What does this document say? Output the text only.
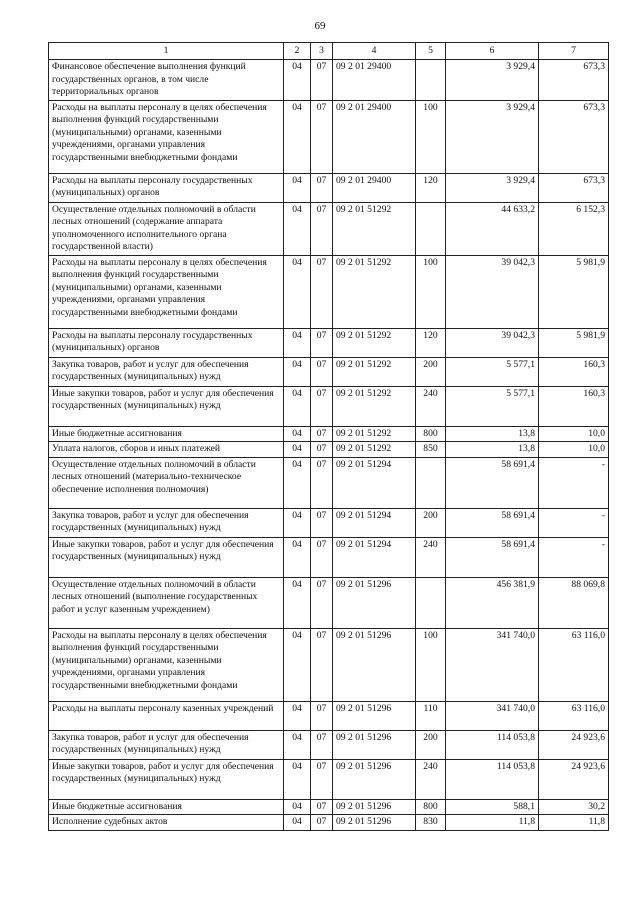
69
1	2	3	4	5	6	7
Финансовое обеспечение выполнения функций государственных органов, в том числе территориальных органов	04	07	09 2 01 29400		3 929,4	673,3
Расходы на выплаты персоналу в целях обеспечения выполнения функций государственными (муниципальными) органами, казенными учреждениями, органами управления государственными внебюджетными фондами	04	07	09 2 01 29400	100	3 929,4	673,3
Расходы на выплаты персоналу государственных (муниципальных) органов	04	07	09 2 01 29400	120	3 929,4	673,3
Осуществление отдельных полномочий в области лесных отношений (содержание аппарата уполномоченного исполнительного органа государственной власти)	04	07	09 2 01 51292		44 633,2	6 152,3
Расходы на выплаты персоналу в целях обеспечения выполнения функций государственными (муниципальными) органами, казенными учреждениями, органами управления государственными внебюджетными фондами	04	07	09 2 01 51292	100	39 042,3	5 981,9
Расходы на выплаты персоналу государственных (муниципальных) органов	04	07	09 2 01 51292	120	39 042,3	5 981,9
Закупка товаров, работ и услуг для обеспечения государственных (муниципальных) нужд	04	07	09 2 01 51292	200	5 577,1	160,3
Иные закупки товаров, работ и услуг для обеспечения государственных (муниципальных) нужд	04	07	09 2 01 51292	240	5 577,1	160,3
Иные бюджетные ассигнования	04	07	09 2 01 51292	800	13,8	10,0
Уплата налогов, сборов и иных платежей	04	07	09 2 01 51292	850	13,8	10,0
Осуществление отдельных полномочий в области лесных отношений (материально-техническое обеспечение исполнения полномочия)	04	07	09 2 01 51294		58 691,4	-
Закупка товаров, работ и услуг для обеспечения государственных (муниципальных) нужд	04	07	09 2 01 51294	200	58 691,4	-
Иные закупки товаров, работ и услуг для обеспечения государственных (муниципальных) нужд	04	07	09 2 01 51294	240	58 691,4	-
Осуществление отдельных полномочий в области лесных отношений (выполнение государственных работ и услуг казенным учреждением)	04	07	09 2 01 51296		456 381,9	88 069,8
Расходы на выплаты персоналу в целях обеспечения выполнения функций государственными (муниципальными) органами, казенными учреждениями, органами управления государственными внебюджетными фондами	04	07	09 2 01 51296	100	341 740,0	63 116,0
Расходы на выплаты персоналу казенных учреждений	04	07	09 2 01 51296	110	341 740,0	63 116,0
Закупка товаров, работ и услуг для обеспечения государственных (муниципальных) нужд	04	07	09 2 01 51296	200	114 053,8	24 923,6
Иные закупки товаров, работ и услуг для обеспечения государственных (муниципальных) нужд	04	07	09 2 01 51296	240	114 053,8	24 923,6
Иные бюджетные ассигнования	04	07	09 2 01 51296	800	588,1	30,2
Исполнение судебных актов	04	07	09 2 01 51296	830	11,8	11,8
